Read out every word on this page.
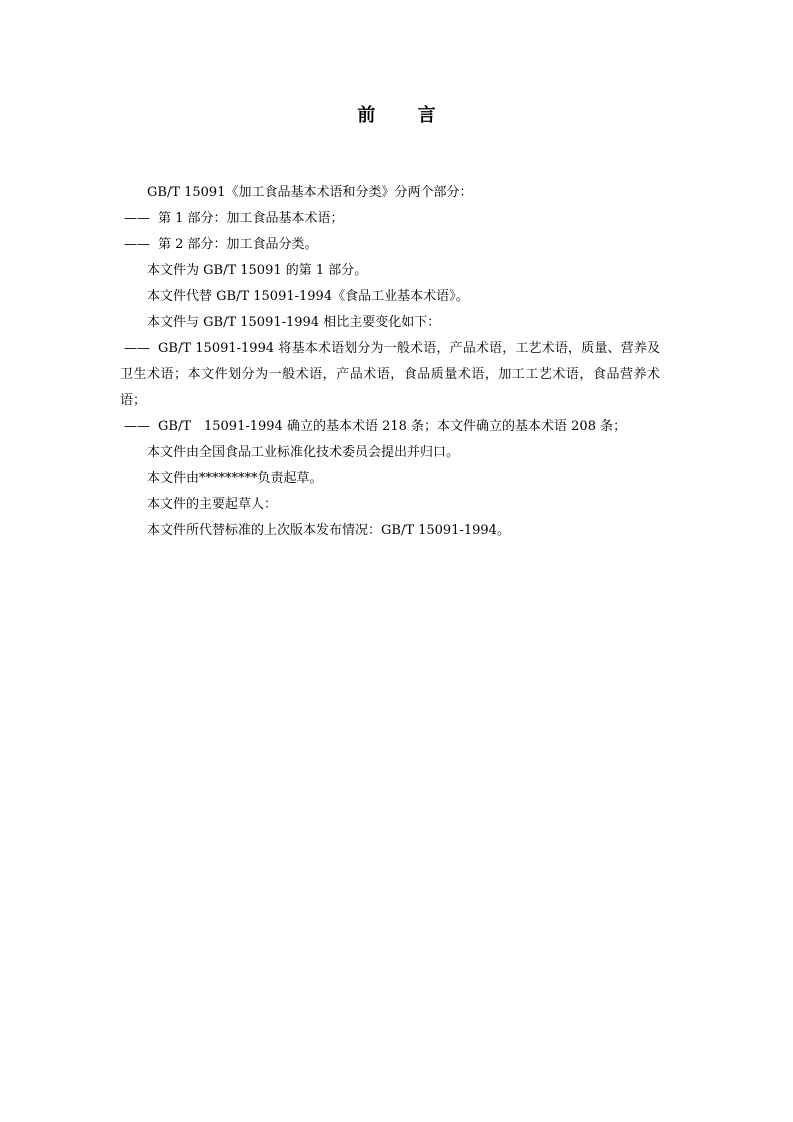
前 言

GB/T 15091《加工食品基本术语和分类》分两个部分：

—— 第 1 部分：加工食品基本术语；

—— 第 2 部分：加工食品分类。

本文件为 GB/T 15091 的第 1 部分。

本文件代替 GB/T 15091-1994《食品工业基本术语》。

本文件与 GB/T 15091-1994 相比主要变化如下：

—— GB/T 15091-1994 将基本术语划分为一般术语，产品术语，工艺术语，质量、营养及卫生术语；本文件划分为一般术语，产品术语，食品质量术语，加工工艺术语，食品营养术语；

—— GB/T　15091-1994 确立的基本术语 218 条；本文件确立的基本术语 208 条；

本文件由全国食品工业标准化技术委员会提出并归口。

本文件由*********负责起草。

本文件的主要起草人：

本文件所代替标准的上次版本发布情况：GB/T 15091-1994。
